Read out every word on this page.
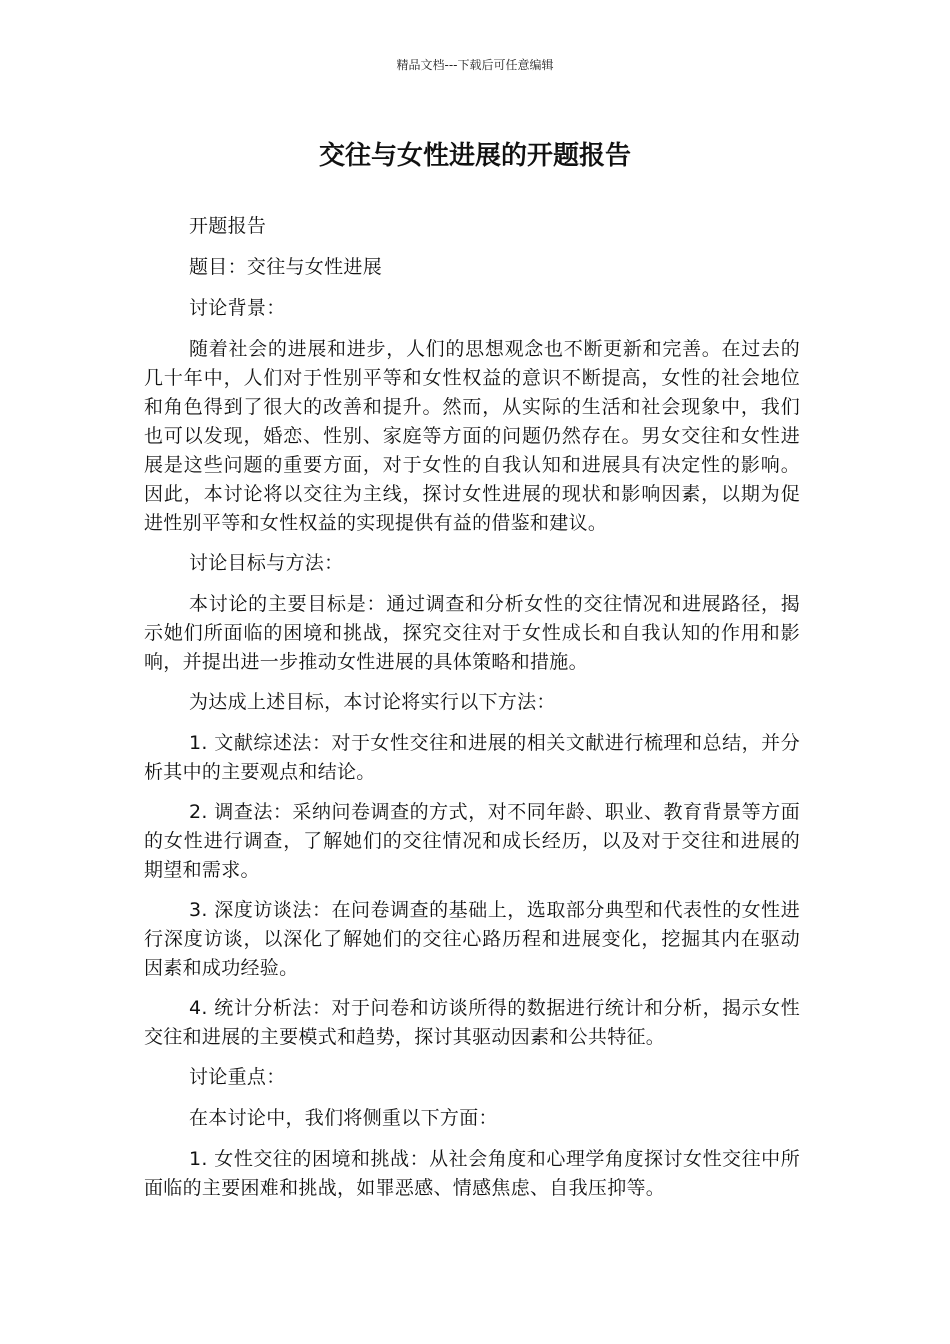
精品文档---下载后可任意编辑
交往与女性进展的开题报告

开题报告

题目：交往与女性进展

讨论背景：

随着社会的进展和进步，人们的思想观念也不断更新和完善。在过去的几十年中，人们对于性别平等和女性权益的意识不断提高，女性的社会地位和角色得到了很大的改善和提升。然而，从实际的生活和社会现象中，我们也可以发现，婚恋、性别、家庭等方面的问题仍然存在。男女交往和女性进展是这些问题的重要方面，对于女性的自我认知和进展具有决定性的影响。因此，本讨论将以交往为主线，探讨女性进展的现状和影响因素，以期为促进性别平等和女性权益的实现提供有益的借鉴和建议。

讨论目标与方法：

本讨论的主要目标是：通过调查和分析女性的交往情况和进展路径，揭示她们所面临的困境和挑战，探究交往对于女性成长和自我认知的作用和影响，并提出进一步推动女性进展的具体策略和措施。

为达成上述目标，本讨论将实行以下方法：

1. 文献综述法：对于女性交往和进展的相关文献进行梳理和总结，并分析其中的主要观点和结论。

2. 调查法：采纳问卷调查的方式，对不同年龄、职业、教育背景等方面的女性进行调查，了解她们的交往情况和成长经历，以及对于交往和进展的期望和需求。

3. 深度访谈法：在问卷调查的基础上，选取部分典型和代表性的女性进行深度访谈，以深化了解她们的交往心路历程和进展变化，挖掘其内在驱动因素和成功经验。

4. 统计分析法：对于问卷和访谈所得的数据进行统计和分析，揭示女性交往和进展的主要模式和趋势，探讨其驱动因素和公共特征。

讨论重点：

在本讨论中，我们将侧重以下方面：

1. 女性交往的困境和挑战：从社会角度和心理学角度探讨女性交往中所面临的主要困难和挑战，如罪恶感、情感焦虑、自我压抑等。
